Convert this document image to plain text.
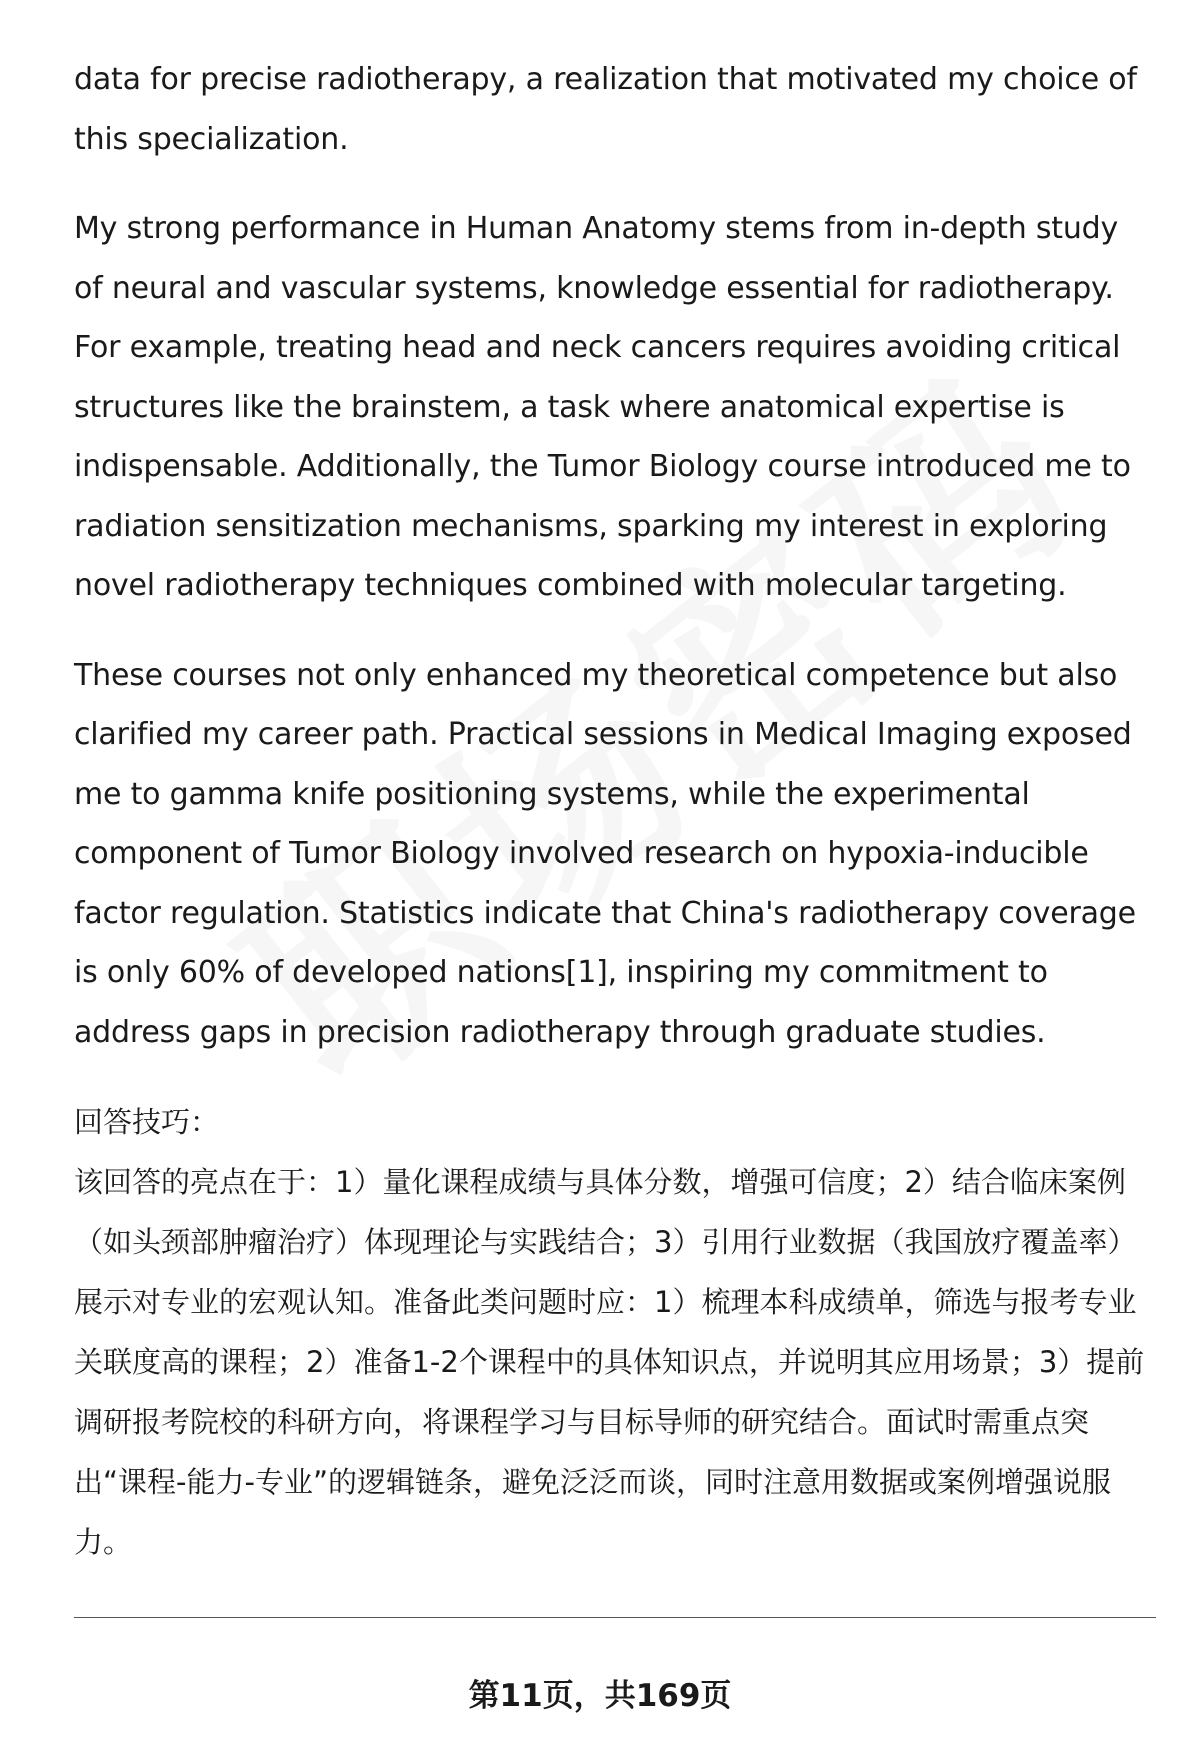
data for precise radiotherapy, a realization that motivated my choice of this specialization.

My strong performance in Human Anatomy stems from in-depth study of neural and vascular systems, knowledge essential for radiotherapy. For example, treating head and neck cancers requires avoiding critical structures like the brainstem, a task where anatomical expertise is indispensable. Additionally, the Tumor Biology course introduced me to radiation sensitization mechanisms, sparking my interest in exploring novel radiotherapy techniques combined with molecular targeting.

These courses not only enhanced my theoretical competence but also clarified my career path. Practical sessions in Medical Imaging exposed me to gamma knife positioning systems, while the experimental component of Tumor Biology involved research on hypoxia-inducible factor regulation. Statistics indicate that China's radiotherapy coverage is only 60% of developed nations[1], inspiring my commitment to address gaps in precision radiotherapy through graduate studies.

回答技巧：

该回答的亮点在于：1）量化课程成绩与具体分数，增强可信度；2）结合临床案例（如头颈部肿瘤治疗）体现理论与实践结合；3）引用行业数据（我国放疗覆盖率）展示对专业的宏观认知。准备此类问题时应：1）梳理本科成绩单，筛选与报考专业关联度高的课程；2）准备1-2个课程中的具体知识点，并说明其应用场景；3）提前调研报考院校的科研方向，将课程学习与目标导师的研究结合。面试时需重点突出“课程-能力-专业”的逻辑链条，避免泛泛而谈，同时注意用数据或案例增强说服力。

第11页，共169页
